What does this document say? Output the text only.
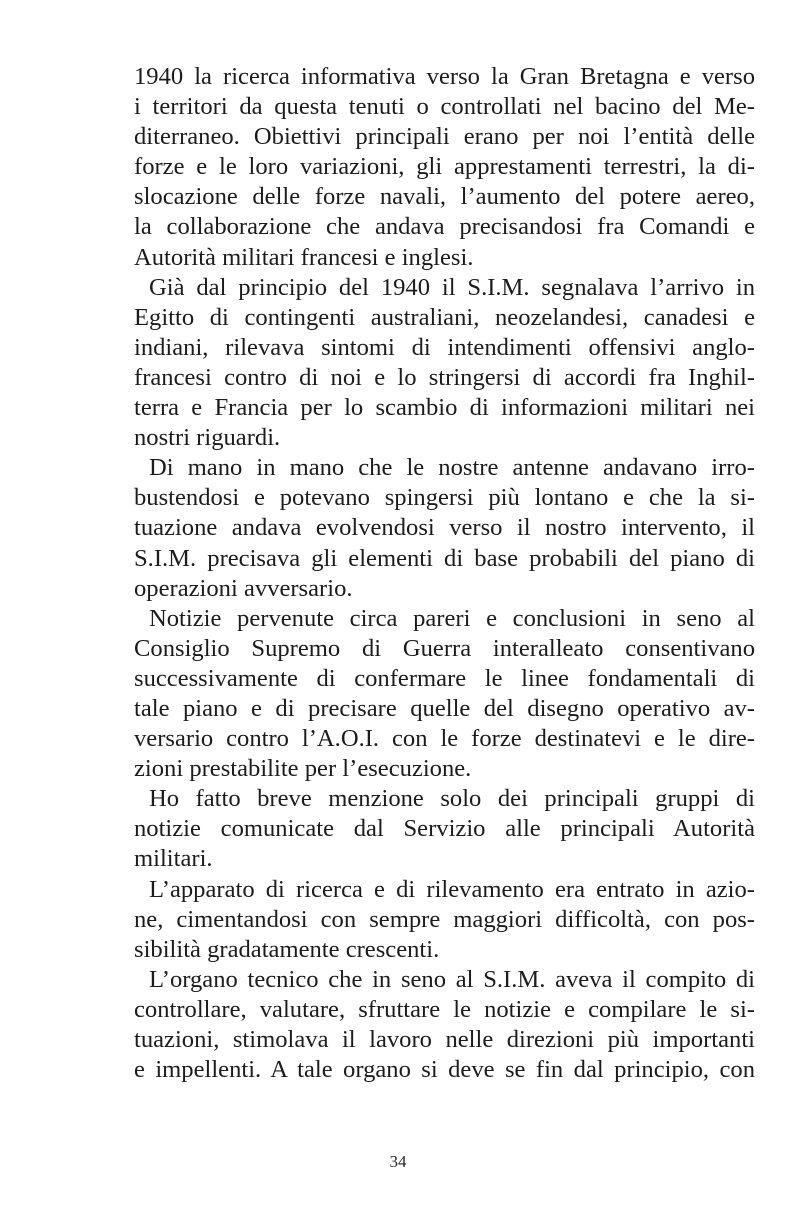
1940 la ricerca informativa verso la Gran Bretagna e verso
i territori da questa tenuti o controllati nel bacino del Me-
diterraneo. Obiettivi principali erano per noi l’entità delle
forze e le loro variazioni, gli apprestamenti terrestri, la di-
slocazione delle forze navali, l’aumento del potere aereo,
la collaborazione che andava precisandosi fra Comandi e
Autorità militari francesi e inglesi.

Già dal principio del 1940 il S.I.M. segnalava l’arrivo in
Egitto di contingenti australiani, neozelandesi, canadesi e
indiani, rilevava sintomi di intendimenti offensivi anglo-
francesi contro di noi e lo stringersi di accordi fra Inghil-
terra e Francia per lo scambio di informazioni militari nei
nostri riguardi.

Di mano in mano che le nostre antenne andavano irro-
bustendosi e potevano spingersi più lontano e che la si-
tuazione andava evolvendosi verso il nostro intervento, il
S.I.M. precisava gli elementi di base probabili del piano di
operazioni avversario.

Notizie pervenute circa pareri e conclusioni in seno al
Consiglio Supremo di Guerra interalleato consentivano
successivamente di confermare le linee fondamentali di
tale piano e di precisare quelle del disegno operativo av-
versario contro l’A.O.I. con le forze destinatevi e le dire-
zioni prestabilite per l’esecuzione.

Ho fatto breve menzione solo dei principali gruppi di
notizie comunicate dal Servizio alle principali Autorità
militari.

L’apparato di ricerca e di rilevamento era entrato in azio-
ne, cimentandosi con sempre maggiori difficoltà, con pos-
sibilità gradatamente crescenti.

L’organo tecnico che in seno al S.I.M. aveva il compito di
controllare, valutare, sfruttare le notizie e compilare le si-
tuazioni, stimolava il lavoro nelle direzioni più importanti
e impellenti. A tale organo si deve se fin dal principio, con

34
